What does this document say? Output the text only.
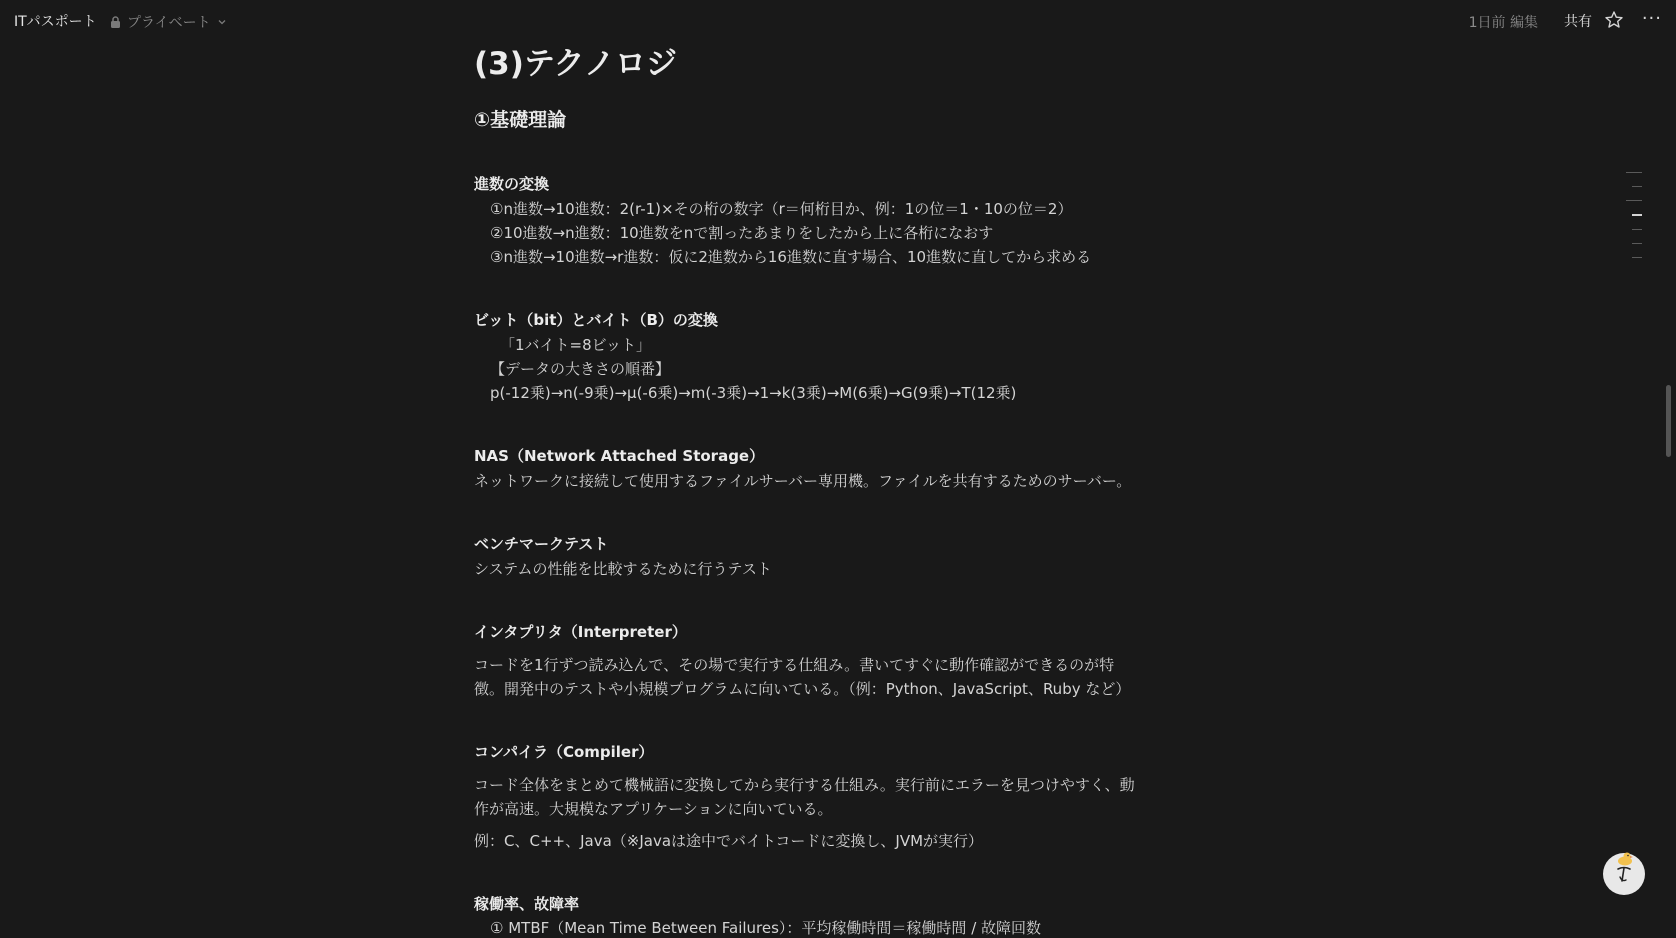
ITパスポート プライベート	1日前 編集 共有	···
(3)テクノロジ
①基礎理論
進数の変換
①n進数→10進数：2(r-1)×その桁の数字（r＝何桁目か、例：1の位＝1・10の位＝2）
②10進数→n進数：10進数をnで割ったあまりをしたから上に各桁になおす
③n進数→10進数→r進数：仮に2進数から16進数に直す場合、10進数に直してから求める
ビット（bit）とバイト（B）の変換
「1バイト=8ビット」
【データの大きさの順番】
p(-12乗)→n(-9乗)→μ(-6乗)→m(-3乗)→1→k(3乗)→M(6乗)→G(9乗)→T(12乗)
NAS（Network Attached Storage）
ネットワークに接続して使用するファイルサーバー専用機。ファイルを共有するためのサーバー。
ベンチマークテスト
システムの性能を比較するために行うテスト
インタプリタ（Interpreter）
コードを1行ずつ読み込んで、その場で実行する仕組み。書いてすぐに動作確認ができるのが特
徴。開発中のテストや小規模プログラムに向いている。（例：Python、JavaScript、Ruby など）
コンパイラ（Compiler）
コード全体をまとめて機械語に変換してから実行する仕組み。実行前にエラーを見つけやすく、動
作が高速。大規模なアプリケーションに向いている。
例：C、C++、Java（※Javaは途中でバイトコードに変換し、JVMが実行）
稼働率、故障率
① MTBF（Mean Time Between Failures）：平均稼働時間＝稼働時間 / 故障回数
